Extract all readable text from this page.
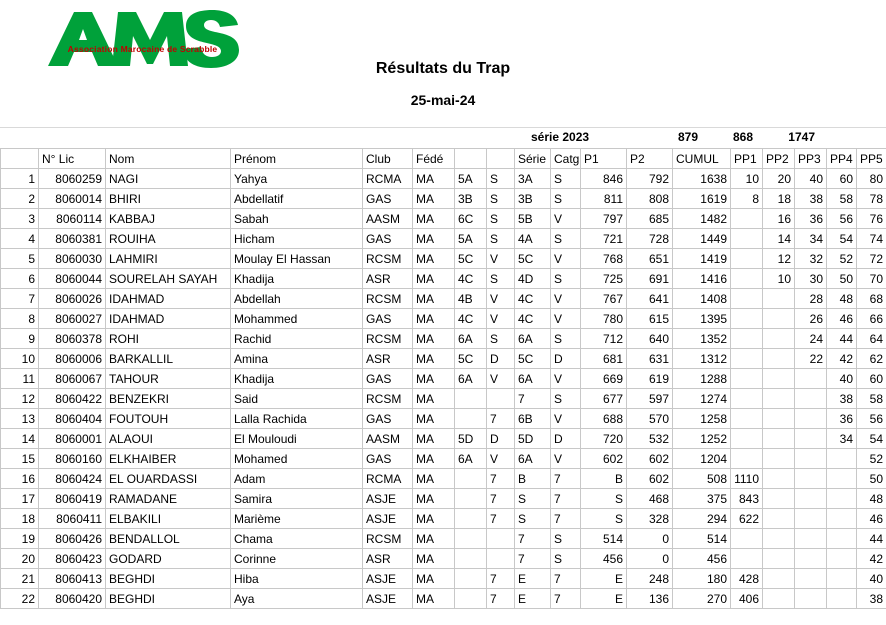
Association Marocaine de Scrabble
Résultats du Trap
25-mai-24
série 2023	879	868	1747
	N° Lic	Nom	Prénom	Club	Fédé			Série	Catg	P1	P2	CUMUL	PP1	PP2	PP3	PP4	PP5
1	8060259	NAGI	Yahya	RCMA	MA	5A	S	3A	S	846	792	1638	10	20	40	60	80
2	8060014	BHIRI	Abdellatif	GAS	MA	3B	S	3B	S	811	808	1619	8	18	38	58	78
3	8060114	KABBAJ	Sabah	AASM	MA	6C	S	5B	V	797	685	1482		16	36	56	76
4	8060381	ROUIHA	Hicham	GAS	MA	5A	S	4A	S	721	728	1449		14	34	54	74
5	8060030	LAHMIRI	Moulay El Hassan	RCSM	MA	5C	V	5C	V	768	651	1419		12	32	52	72
6	8060044	SOURELAH SAYAH	Khadija	ASR	MA	4C	S	4D	S	725	691	1416		10	30	50	70
7	8060026	IDAHMAD	Abdellah	RCSM	MA	4B	V	4C	V	767	641	1408			28	48	68
8	8060027	IDAHMAD	Mohammed	GAS	MA	4C	V	4C	V	780	615	1395			26	46	66
9	8060378	ROHI	Rachid	RCSM	MA	6A	S	6A	S	712	640	1352			24	44	64
10	8060006	BARKALLIL	Amina	ASR	MA	5C	D	5C	D	681	631	1312			22	42	62
11	8060067	TAHOUR	Khadija	GAS	MA	6A	V	6A	V	669	619	1288				40	60
12	8060422	BENZEKRI	Said	RCSM	MA			7	S	677	597	1274				38	58
13	8060404	FOUTOUH	Lalla Rachida	GAS	MA		7	6B	V	688	570	1258				36	56
14	8060001	ALAOUI	El Mouloudi	AASM	MA	5D	D	5D	D	720	532	1252				34	54
15	8060160	ELKHAIBER	Mohamed	GAS	MA	6A	V	6A	V	602	602	1204					52
16	8060424	EL OUARDASSI	Adam	RCMA	MA		7	B	7	B	602	508	1110				50
17	8060419	RAMADANE	Samira	ASJE	MA		7	S	7	S	468	375	843				48
18	8060411	ELBAKILI	Marième	ASJE	MA		7	S	7	S	328	294	622				46
19	8060426	BENDALLOL	Chama	RCSM	MA			7	S	514	0	514					44
20	8060423	GODARD	Corinne	ASR	MA			7	S	456	0	456					42
21	8060413	BEGHDI	Hiba	ASJE	MA		7	E	7	E	248	180	428				40
22	8060420	BEGHDI	Aya	ASJE	MA		7	E	7	E	136	270	406				38
